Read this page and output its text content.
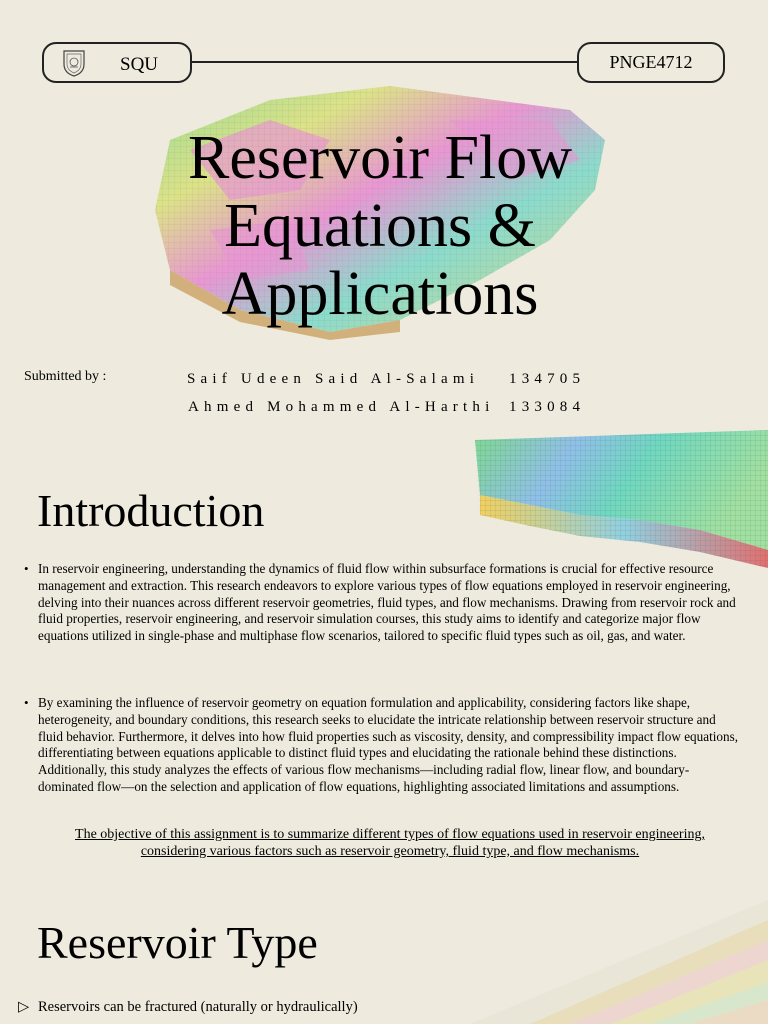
SQU	PNGE4712
Reservoir Flow Equations & Applications
Submitted by :	Saif Udeen Said Al-Salami 134705
Ahmed Mohammed Al-Harthi 133084
Introduction
• In reservoir engineering, understanding the dynamics of fluid flow within subsurface formations is crucial for effective resource management and extraction. This research endeavors to explore various types of flow equations employed in reservoir engineering, delving into their nuances across different reservoir geometries, fluid types, and flow mechanisms. Drawing from reservoir rock and fluid properties, reservoir engineering, and reservoir simulation courses, this study aims to identify and categorize major flow equations utilized in single-phase and multiphase flow scenarios, tailored to specific fluid types such as oil, gas, and water.
• By examining the influence of reservoir geometry on equation formulation and applicability, considering factors like shape, heterogeneity, and boundary conditions, this research seeks to elucidate the intricate relationship between reservoir structure and fluid behavior. Furthermore, it delves into how fluid properties such as viscosity, density, and compressibility impact flow equations, differentiating between equations applicable to distinct fluid types and elucidating the rationale behind these distinctions. Additionally, this study analyzes the effects of various flow mechanisms—including radial flow, linear flow, and boundary-dominated flow—on the selection and application of flow equations, highlighting associated limitations and assumptions.
The objective of this assignment is to summarize different types of flow equations used in reservoir engineering, considering various factors such as reservoir geometry, fluid type, and flow mechanisms.
Reservoir Type
▷ Reservoirs can be fractured (naturally or hydraulically)
